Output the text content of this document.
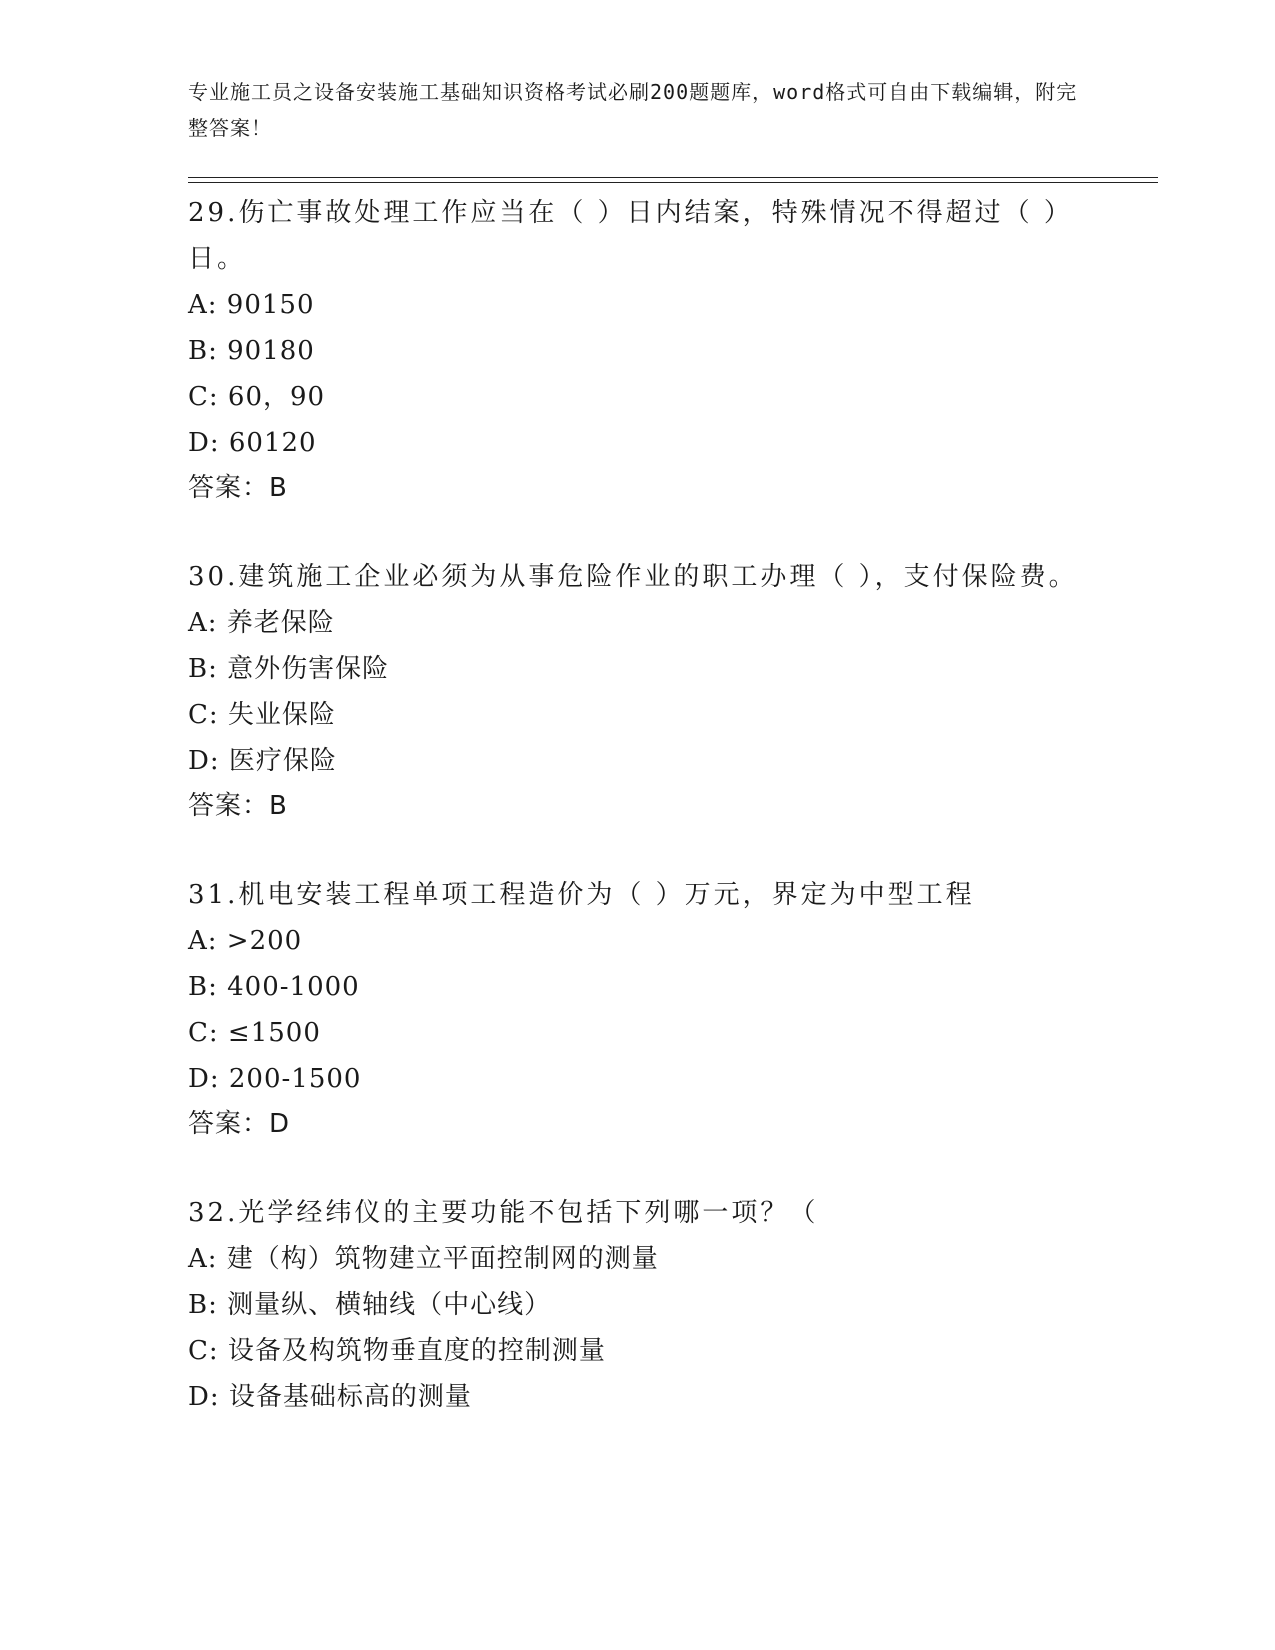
专业施工员之设备安装施工基础知识资格考试必刷200题题库，word格式可自由下载编辑，附完整答案！

29.伤亡事故处理工作应当在（ ）日内结案，特殊情况不得超过（ ）日。

A: 90150

B: 90180

C: 60，90

D: 60120

答案：B

30.建筑施工企业必须为从事危险作业的职工办理（ ），支付保险费。

A: 养老保险

B: 意外伤害保险

C: 失业保险

D: 医疗保险

答案：B

31.机电安装工程单项工程造价为（ ）万元，界定为中型工程

A: >200

B: 400-1000

C: ≤1500

D: 200-1500

答案：D

32.光学经纬仪的主要功能不包括下列哪一项？（

A: 建（构）筑物建立平面控制网的测量

B: 测量纵、横轴线（中心线）

C: 设备及构筑物垂直度的控制测量

D: 设备基础标高的测量
